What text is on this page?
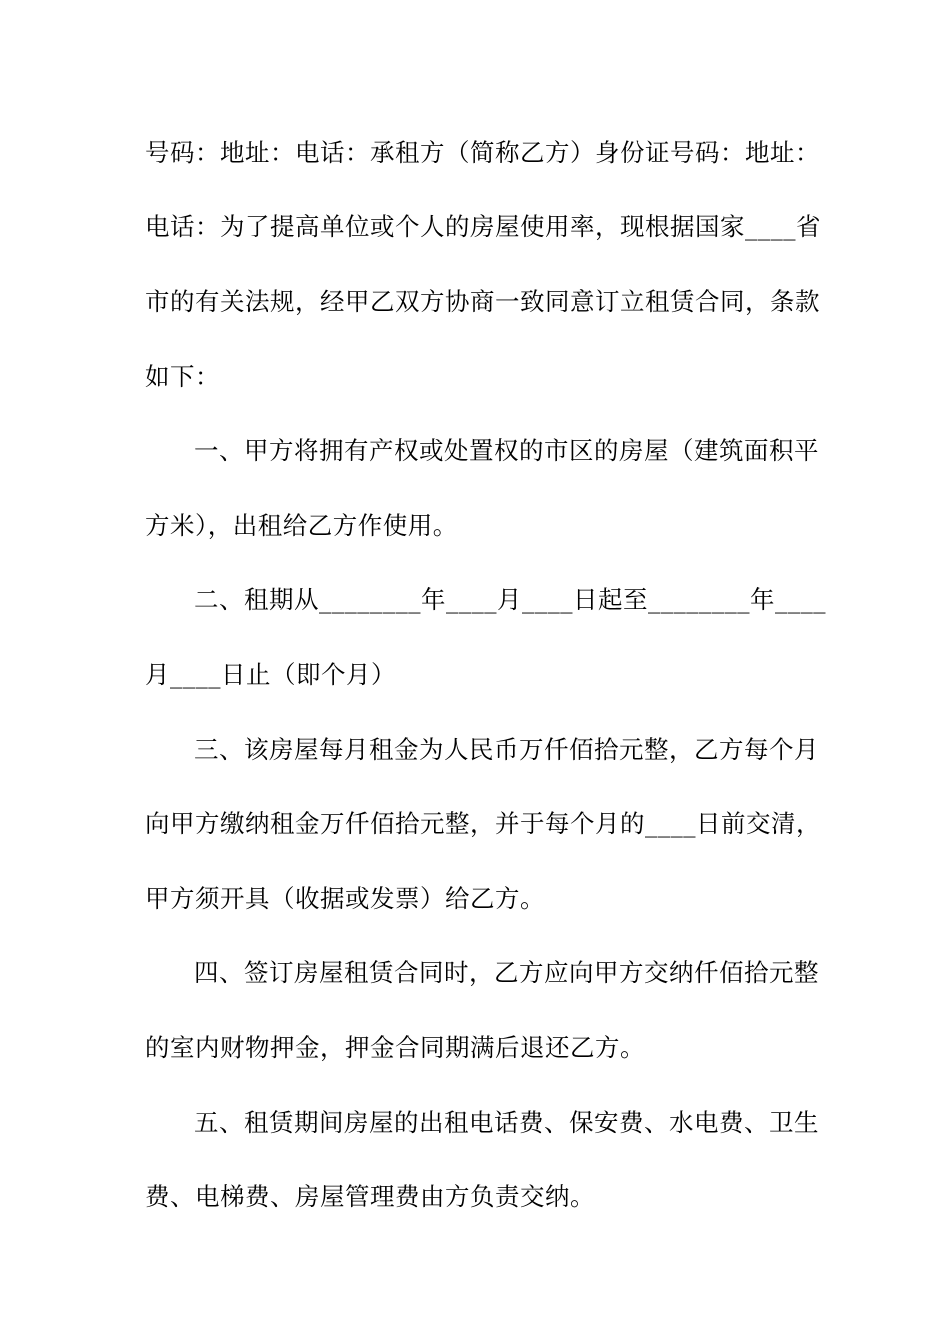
号码：地址：电话：承租方（简称乙方）身份证号码：地址：
电话：为了提高单位或个人的房屋使用率，现根据国家____省
市的有关法规，经甲乙双方协商一致同意订立租赁合同，条款
如下：
一、甲方将拥有产权或处置权的市区的房屋（建筑面积平
方米），出租给乙方作使用。
二、租期从________年____月____日起至________年____
月____日止（即个月）
三、该房屋每月租金为人民币万仟佰拾元整，乙方每个月
向甲方缴纳租金万仟佰拾元整，并于每个月的____日前交清，
甲方须开具（收据或发票）给乙方。
四、签订房屋租赁合同时，乙方应向甲方交纳仟佰拾元整
的室内财物押金，押金合同期满后退还乙方。
五、租赁期间房屋的出租电话费、保安费、水电费、卫生
费、电梯费、房屋管理费由方负责交纳。
